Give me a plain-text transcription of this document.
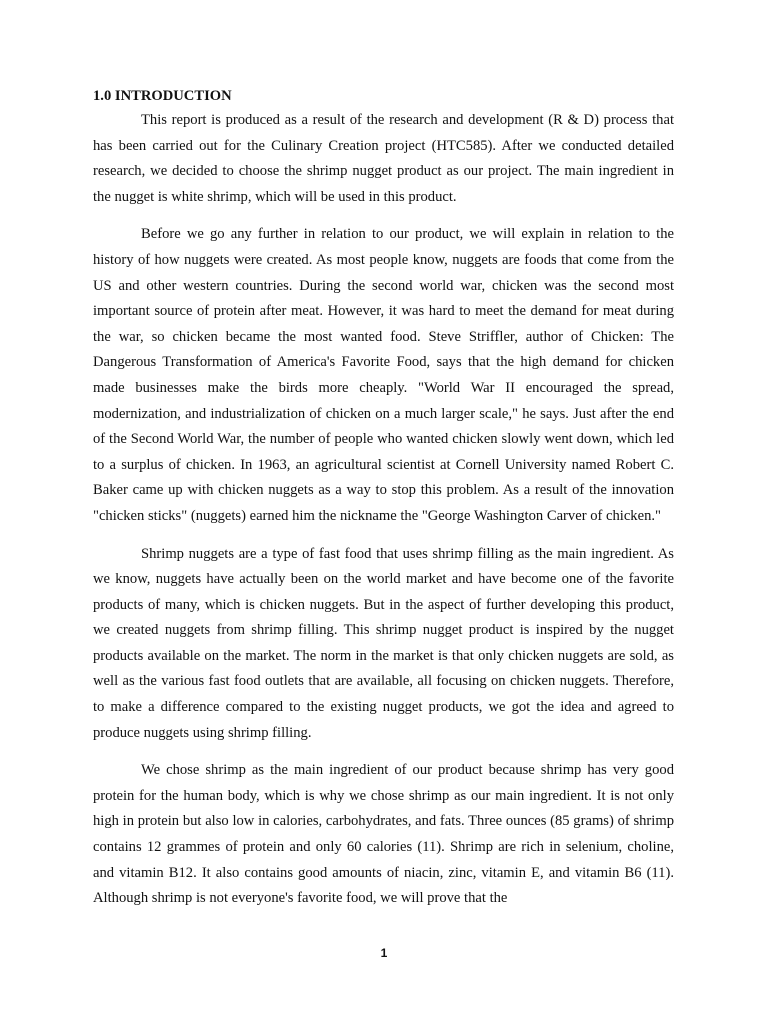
1.0 INTRODUCTION

This report is produced as a result of the research and development (R & D) process that has been carried out for the Culinary Creation project (HTC585). After we conducted detailed research, we decided to choose the shrimp nugget product as our project. The main ingredient in the nugget is white shrimp, which will be used in this product.

Before we go any further in relation to our product, we will explain in relation to the history of how nuggets were created. As most people know, nuggets are foods that come from the US and other western countries. During the second world war, chicken was the second most important source of protein after meat. However, it was hard to meet the demand for meat during the war, so chicken became the most wanted food. Steve Striffler, author of Chicken: The Dangerous Transformation of America's Favorite Food, says that the high demand for chicken made businesses make the birds more cheaply. "World War II encouraged the spread, modernization, and industrialization of chicken on a much larger scale," he says. Just after the end of the Second World War, the number of people who wanted chicken slowly went down, which led to a surplus of chicken. In 1963, an agricultural scientist at Cornell University named Robert C. Baker came up with chicken nuggets as a way to stop this problem. As a result of the innovation "chicken sticks" (nuggets) earned him the nickname the "George Washington Carver of chicken."

Shrimp nuggets are a type of fast food that uses shrimp filling as the main ingredient. As we know, nuggets have actually been on the world market and have become one of the favorite products of many, which is chicken nuggets. But in the aspect of further developing this product, we created nuggets from shrimp filling. This shrimp nugget product is inspired by the nugget products available on the market. The norm in the market is that only chicken nuggets are sold, as well as the various fast food outlets that are available, all focusing on chicken nuggets. Therefore, to make a difference compared to the existing nugget products, we got the idea and agreed to produce nuggets using shrimp filling.

We chose shrimp as the main ingredient of our product because shrimp has very good protein for the human body, which is why we chose shrimp as our main ingredient. It is not only high in protein but also low in calories, carbohydrates, and fats. Three ounces (85 grams) of shrimp contains 12 grammes of protein and only 60 calories (11). Shrimp are rich in selenium, choline, and vitamin B12. It also contains good amounts of niacin, zinc, vitamin E, and vitamin B6 (11). Although shrimp is not everyone's favorite food, we will prove that the

1
